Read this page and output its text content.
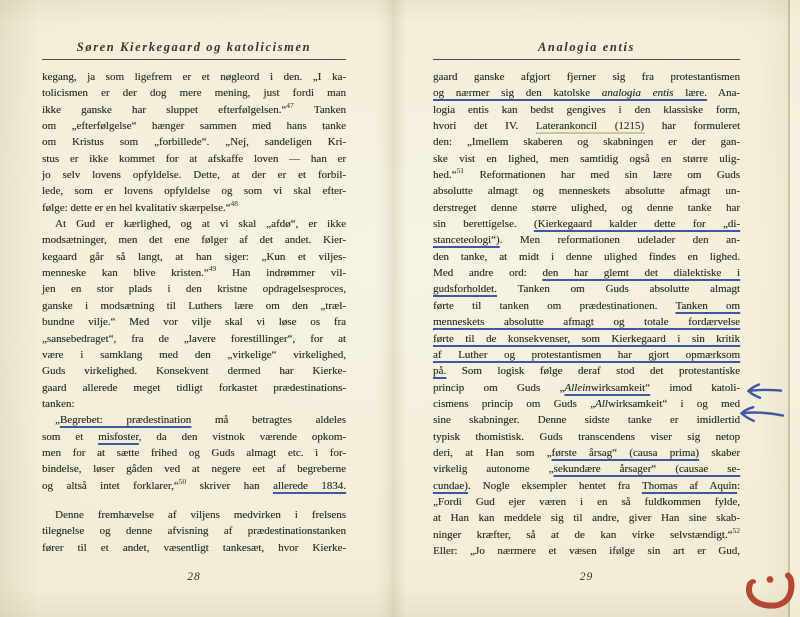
Søren Kierkegaard og katolicismen
kegang, ja som ligefrem er et nøgleord i den. „I ka-
tolicismen er der dog mere mening, just fordi man
ikke ganske har sluppet efterfølgelsen.“$^{47}$ Tanken
om „efterfølgelse“ hænger sammen med hans tanke
om Kristus som „forbillede“. „Nej, sandeligen Kri-
stus er ikke kommet for at afskaffe loven — han er
jo selv lovens opfyldelse. Dette, at der er et forbil-
lede, som er lovens opfyldelse og som vi skal efter-
følge: dette er en hel kvalitativ skærpelse.“$^{48}$
At Gud er kærlighed, og at vi skal „afdø“, er ikke
modsætninger, men det ene følger af det andet. Kier-
kegaard går så langt, at han siger: „Kun et viljes-
menneske kan blive kristen.“$^{49}$ Han indrømmer vil-
jen en stor plads i den kristne opdragelsesproces,
ganske i modsætning til Luthers lære om den „træl-
bundne vilje.“ Med vor vilje skal vi løse os fra
„sansebedraget“, fra de „lavere forestillinger“, for at
være i samklang med den „virkelige“ virkelighed,
Guds virkelighed. Konsekvent dermed har Kierke-
gaard allerede meget tidligt forkastet prædestinations-
tanken:
„Begrebet: prædestination må betragtes aldeles
som et misfoster, da den vistnok værende opkom-
men for at sætte frihed og Guds almagt etc. i for-
bindelse, løser gåden ved at negere eet af begreberne
og altså intet forklarer,“$^{50}$ skriver han allerede 1834.
Denne fremhævelse af viljens medvirken i frelsens
tilegnelse og denne afvisning af prædestinationstanken
fører til et andet, væsentligt tankesæt, hvor Kierke-
28
Analogia entis
gaard ganske afgjort fjerner sig fra protestantismen
og nærmer sig den katolske analogia entis lære. Ana-
logia entis kan bedst gengives i den klassiske form,
hvori det IV. Laterankoncil (1215) har formuleret
den: „Imellem skaberen og skabningen er der gan-
ske vist en lighed, men samtidig også en større ulig-
hed.“$^{51}$ Reformationen har med sin lære om Guds
absolutte almagt og menneskets absolutte afmagt un-
derstreget denne større ulighed, og denne tanke har
sin berettigelse. (Kierkegaard kalder dette for „di-
stanceteologi“). Men reformationen udelader den an-
den tanke, at midt i denne ulighed findes en lighed.
Med andre ord: den har glemt det dialektiske i
gudsforholdet. Tanken om Guds absolutte almagt
førte til tanken om prædestinationen. Tanken om
menneskets absolutte afmagt og totale fordærvelse
førte til de konsekvenser, som Kierkegaard i sin kritik
af Luther og protestantismen har gjort opmærksom
på. Som logisk følge deraf stod det protestantiske
princip om Guds „Alleinwirksamkeit“ imod katoli-
cismens princip om Guds „Allwirksamkeit“ i og med
sine skabninger. Denne sidste tanke er imidlertid
typisk thomistisk. Guds transcendens viser sig netop
deri, at Han som „første årsag“ (causa prima) skaber
virkelig autonome „sekundære årsager“ (causae se-
cundae). Nogle eksempler hentet fra Thomas af Aquin:
„Fordi Gud ejer væren i en så fuldkommen fylde,
at Han kan meddele sig til andre, giver Han sine skab-
ninger kræfter, så at de kan virke selvstændigt.“$^{52}$
Eller: „Jo nærmere et væsen ifølge sin art er Gud,
29
